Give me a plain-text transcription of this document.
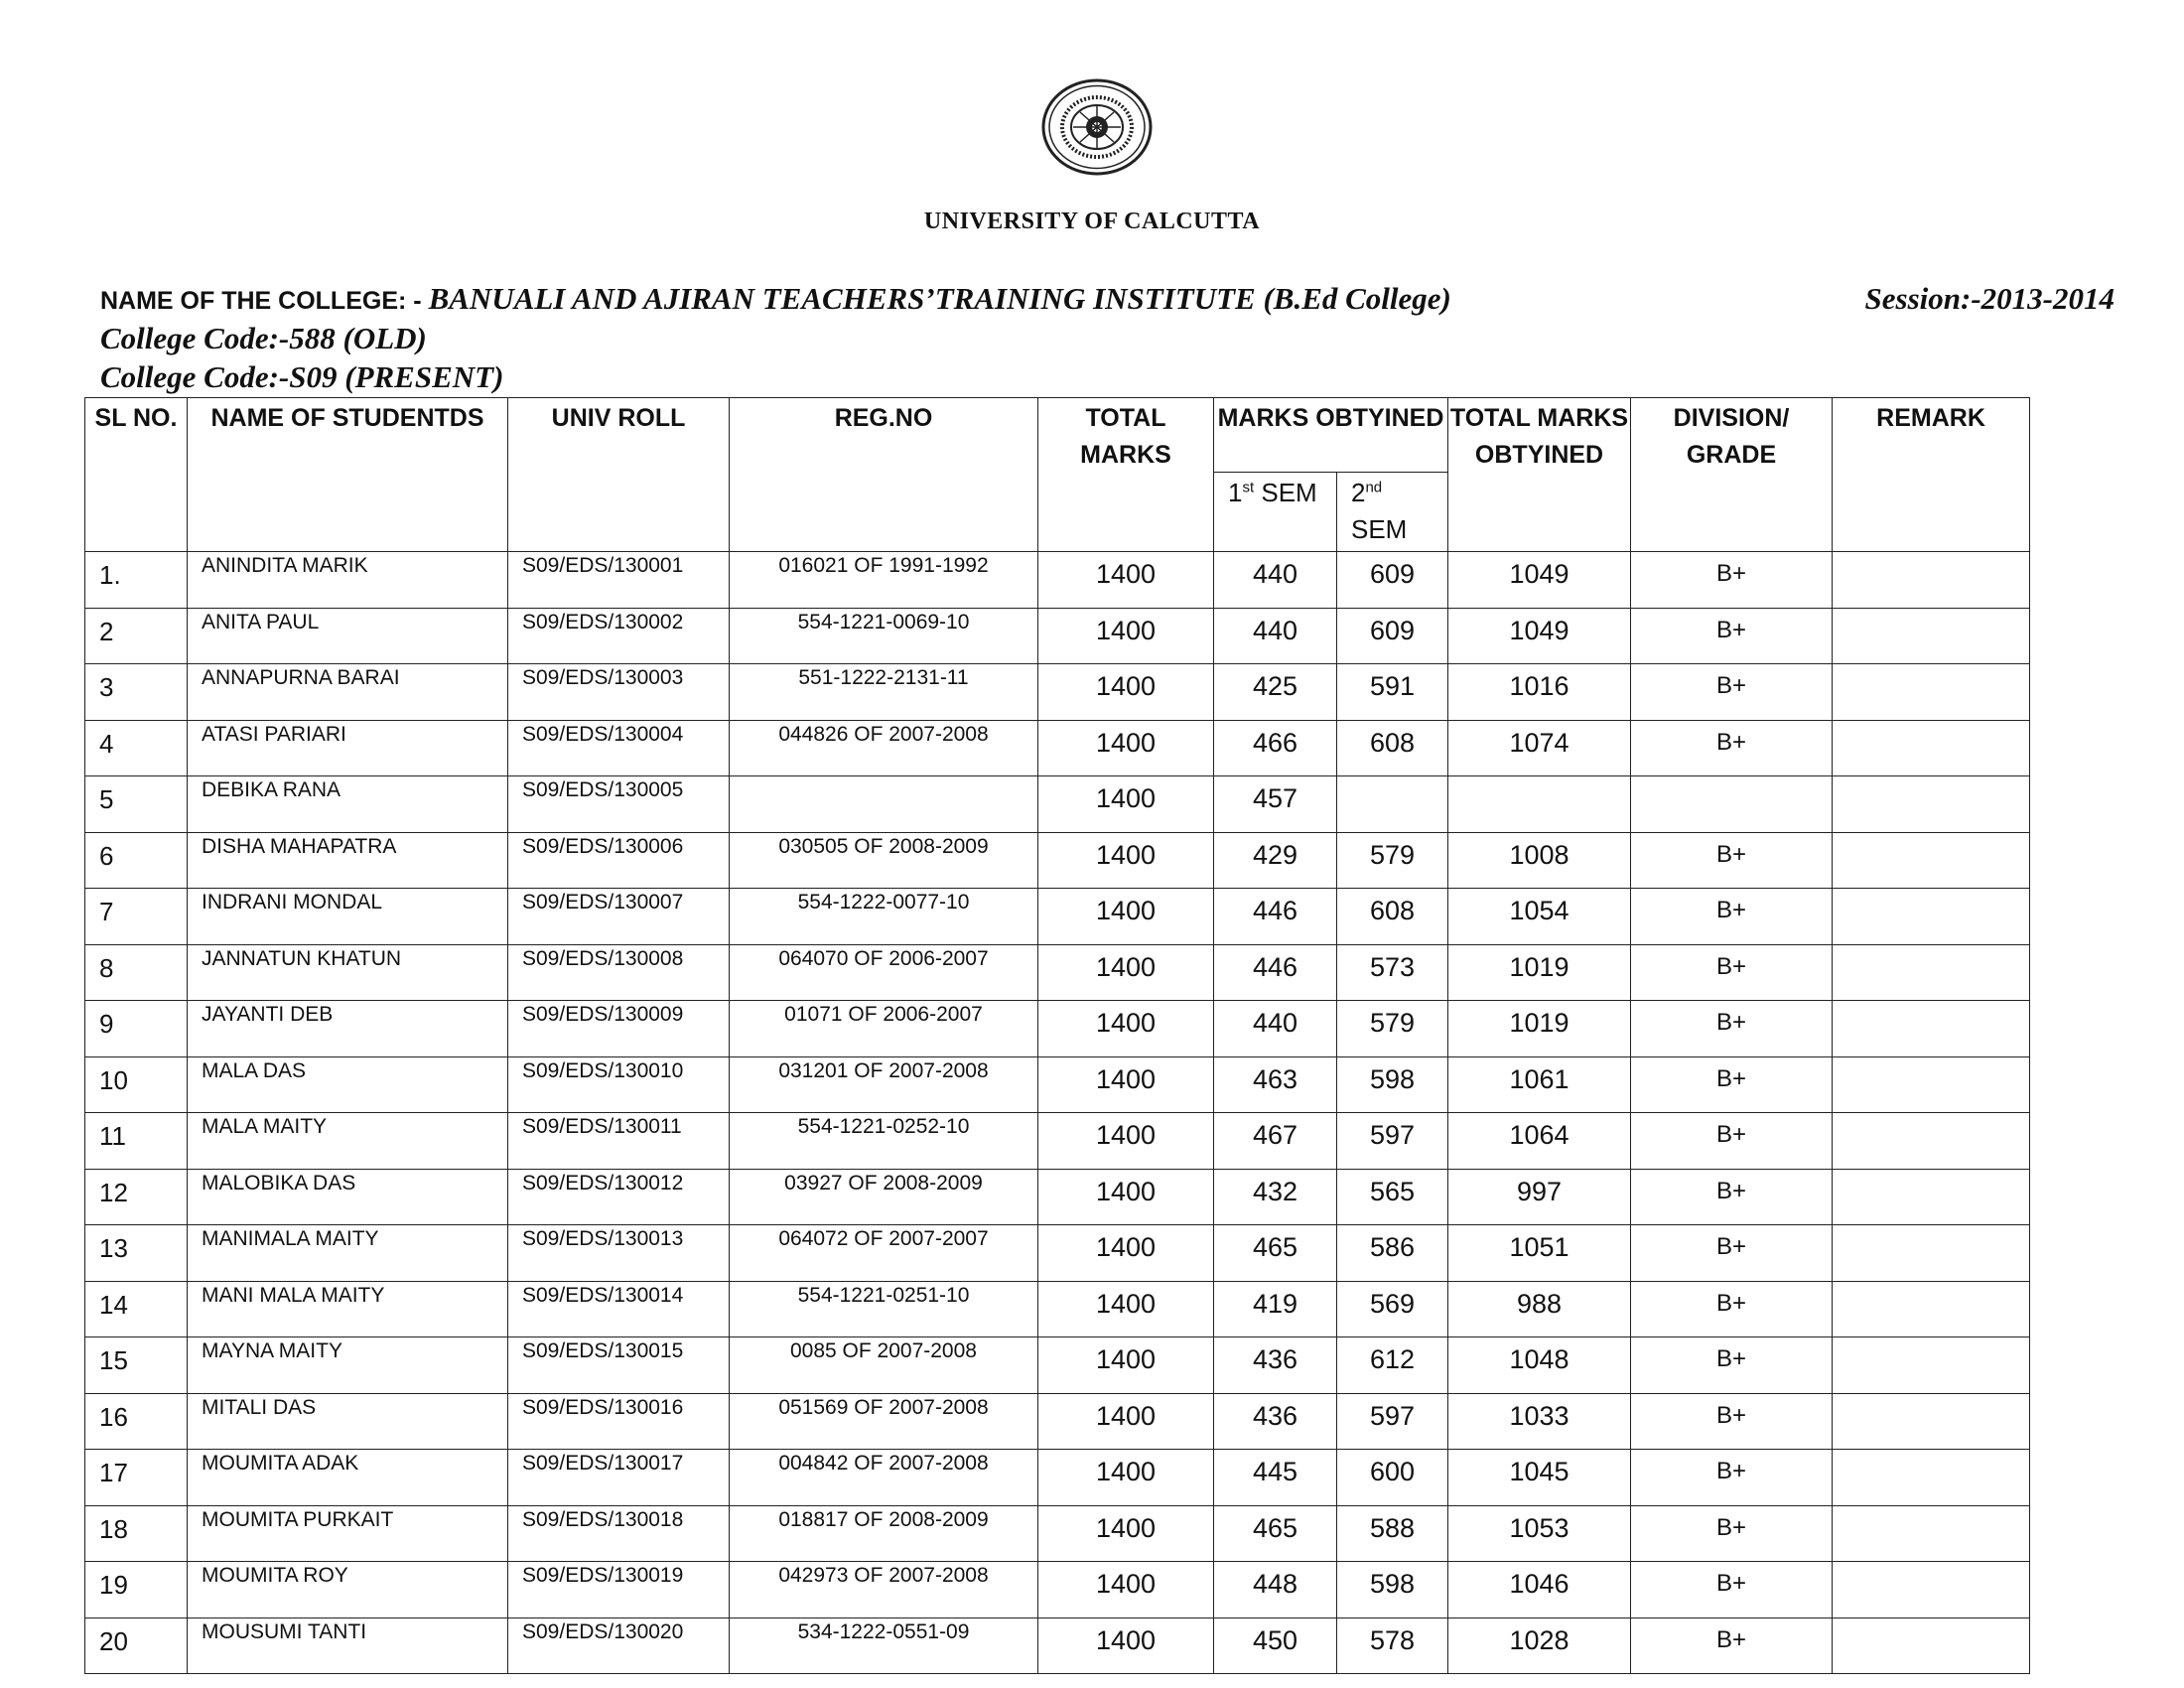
UNIVERSITY OF CALCUTTA
NAME OF THE COLLEGE: - BANUALI AND AJIRAN TEACHERS’TRAINING INSTITUTE (B.Ed College)	Session:-2013-2014
College Code:-588 (OLD)
College Code:-S09 (PRESENT)
SL NO.	NAME OF STUDENTDS	UNIV ROLL	REG.NO	TOTAL MARKS	MARKS OBTYINED		TOTAL MARKS OBTYINED	DIVISION/ GRADE	REMARK
					1st SEM	2nd
SEM			
1.	ANINDITA MARIK	S09/EDS/130001	016021 OF 1991-1992	1400	440	609	1049	B+	
2	ANITA PAUL	S09/EDS/130002	554-1221-0069-10	1400	440	609	1049	B+	
3	ANNAPURNA BARAI	S09/EDS/130003	551-1222-2131-11	1400	425	591	1016	B+	
4	ATASI PARIARI	S09/EDS/130004	044826 OF 2007-2008	1400	466	608	1074	B+	
5	DEBIKA RANA	S09/EDS/130005		1400	457				
6	DISHA MAHAPATRA	S09/EDS/130006	030505 OF 2008-2009	1400	429	579	1008	B+	
7	INDRANI MONDAL	S09/EDS/130007	554-1222-0077-10	1400	446	608	1054	B+	
8	JANNATUN KHATUN	S09/EDS/130008	064070 OF 2006-2007	1400	446	573	1019	B+	
9	JAYANTI DEB	S09/EDS/130009	01071 OF 2006-2007	1400	440	579	1019	B+	
10	MALA DAS	S09/EDS/130010	031201 OF 2007-2008	1400	463	598	1061	B+	
11	MALA MAITY	S09/EDS/130011	554-1221-0252-10	1400	467	597	1064	B+	
12	MALOBIKA DAS	S09/EDS/130012	03927 OF 2008-2009	1400	432	565	997	B+	
13	MANIMALA MAITY	S09/EDS/130013	064072 OF 2007-2007	1400	465	586	1051	B+	
14	MANI MALA MAITY	S09/EDS/130014	554-1221-0251-10	1400	419	569	988	B+	
15	MAYNA MAITY	S09/EDS/130015	0085 OF 2007-2008	1400	436	612	1048	B+	
16	MITALI DAS	S09/EDS/130016	051569 OF 2007-2008	1400	436	597	1033	B+	
17	MOUMITA ADAK	S09/EDS/130017	004842 OF 2007-2008	1400	445	600	1045	B+	
18	MOUMITA PURKAIT	S09/EDS/130018	018817 OF 2008-2009	1400	465	588	1053	B+	
19	MOUMITA ROY	S09/EDS/130019	042973 OF 2007-2008	1400	448	598	1046	B+	
20	MOUSUMI TANTI	S09/EDS/130020	534-1222-0551-09	1400	450	578	1028	B+	
